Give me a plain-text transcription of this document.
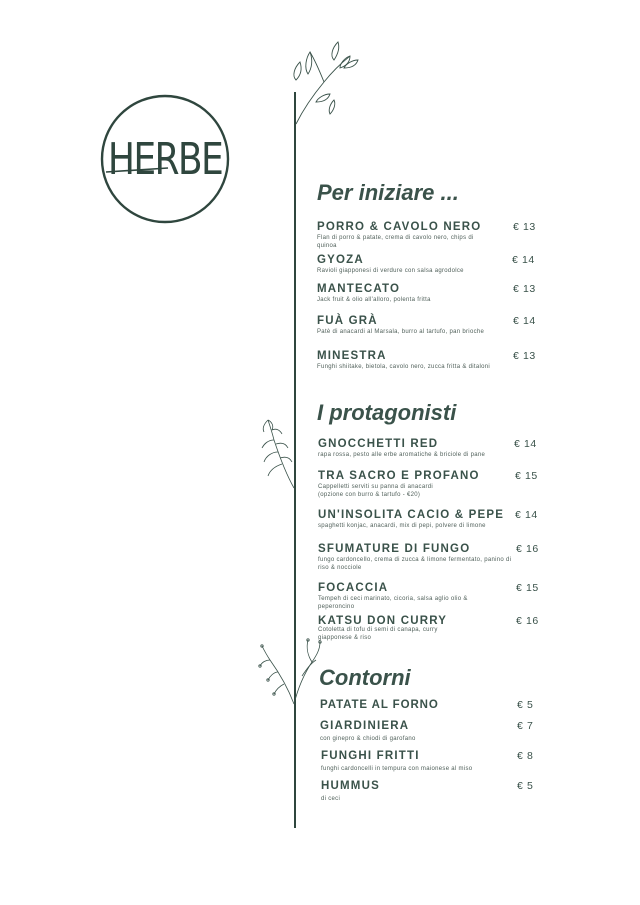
HERBE
Per iniziare ...
PORRO & CAVOLO NERO
Flan di porro & patate, crema di cavolo nero, chips di quinoa
€ 13
GYOZA
Ravioli giapponesi di verdure con salsa agrodolce
€ 14
MANTECATO
Jack fruit & olio all'alloro, polenta fritta
€ 13
FUÀ GRÀ
Patè di anacardi al Marsala, burro al tartufo, pan brioche
€ 14
MINESTRA
Funghi shiitake, bietola, cavolo nero, zucca fritta & ditaloni
€ 13
I protagonisti
GNOCCHETTI RED
rapa rossa, pesto alle erbe aromatiche & briciole di pane
€ 14
TRA SACRO E PROFANO
Cappelletti serviti su panna di anacardi (opzione con burro & tartufo - €20)
€ 15
UN'INSOLITA CACIO & PEPE
spaghetti konjac, anacardi, mix di pepi, polvere di limone
€ 14
SFUMATURE DI FUNGO
fungo cardoncello, crema di zucca & limone fermentato, panino di riso & nocciole
€ 16
FOCACCIA
Tempeh di ceci marinato, cicoria, salsa aglio olio & peperoncino
€ 15
KATSU DON CURRY
Cotoletta di tofu di semi di canapa, curry giapponese & riso
€ 16
Contorni
PATATE AL FORNO	€ 5
GIARDINIERA
con ginepro & chiodi di garofano
€ 7
FUNGHI FRITTI
funghi cardoncelli in tempura con maionese al miso
€ 8
HUMMUS
di ceci
€ 5
